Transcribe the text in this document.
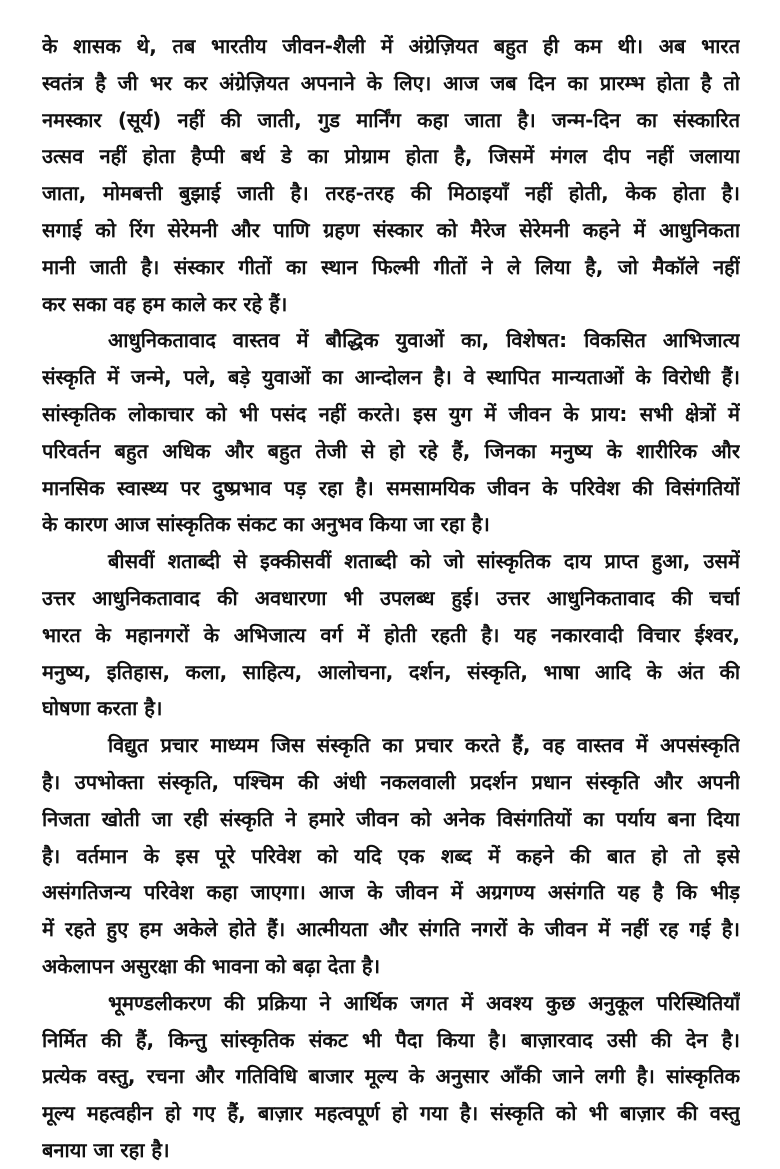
के शासक थे, तब भारतीय जीवन-शैली में अंग्रेज़ियत बहुत ही कम थी। अब भारत
स्वतंत्र है जी भर कर अंग्रेज़ियत अपनाने के लिए। आज जब दिन का प्रारम्भ होता है तो
नमस्कार (सूर्य) नहीं की जाती, गुड मार्निंग कहा जाता है। जन्म-दिन का संस्कारित
उत्सव नहीं होता हैप्पी बर्थ डे का प्रोग्राम होता है, जिसमें मंगल दीप नहीं जलाया
जाता, मोमबत्ती बुझाई जाती है। तरह-तरह की मिठाइयाँ नहीं होती, केक होता है।
सगाई को रिंग सेरेमनी और पाणि ग्रहण संस्कार को मैरेज सेरेमनी कहने में आधुनिकता
मानी जाती है। संस्कार गीतों का स्थान फिल्मी गीतों ने ले लिया है, जो मैकॉले नहीं
कर सका वह हम काले कर रहे हैं।
आधुनिकतावाद वास्तव में बौद्धिक युवाओं का, विशेषत: विकसित आभिजात्य
संस्कृति में जन्मे, पले, बड़े युवाओं का आन्दोलन है। वे स्थापित मान्यताओं के विरोधी हैं।
सांस्कृतिक लोकाचार को भी पसंद नहीं करते। इस युग में जीवन के प्राय: सभी क्षेत्रों में
परिवर्तन बहुत अधिक और बहुत तेजी से हो रहे हैं, जिनका मनुष्य के शारीरिक और
मानसिक स्वास्थ्य पर दुष्प्रभाव पड़ रहा है। समसामयिक जीवन के परिवेश की विसंगतियों
के कारण आज सांस्कृतिक संकट का अनुभव किया जा रहा है।
बीसवीं शताब्दी से इक्कीसवीं शताब्दी को जो सांस्कृतिक दाय प्राप्त हुआ, उसमें
उत्तर आधुनिकतावाद की अवधारणा भी उपलब्ध हुई। उत्तर आधुनिकतावाद की चर्चा
भारत के महानगरों के अभिजात्य वर्ग में होती रहती है। यह नकारवादी विचार ईश्वर,
मनुष्य, इतिहास, कला, साहित्य, आलोचना, दर्शन, संस्कृति, भाषा आदि के अंत की
घोषणा करता है।
विद्युत प्रचार माध्यम जिस संस्कृति का प्रचार करते हैं, वह वास्तव में अपसंस्कृति
है। उपभोक्ता संस्कृति, पश्चिम की अंधी नकलवाली प्रदर्शन प्रधान संस्कृति और अपनी
निजता खोती जा रही संस्कृति ने हमारे जीवन को अनेक विसंगतियों का पर्याय बना दिया
है। वर्तमान के इस पूरे परिवेश को यदि एक शब्द में कहने की बात हो तो इसे
असंगतिजन्य परिवेश कहा जाएगा। आज के जीवन में अग्रगण्य असंगति यह है कि भीड़
में रहते हुए हम अकेले होते हैं। आत्मीयता और संगति नगरों के जीवन में नहीं रह गई है।
अकेलापन असुरक्षा की भावना को बढ़ा देता है।
भूमण्डलीकरण की प्रक्रिया ने आर्थिक जगत में अवश्य कुछ अनुकूल परिस्थितियाँ
निर्मित की हैं, किन्तु सांस्कृतिक संकट भी पैदा किया है। बाज़ारवाद उसी की देन है।
प्रत्येक वस्तु, रचना और गतिविधि बाजार मूल्य के अनुसार आँकी जाने लगी है। सांस्कृतिक
मूल्य महत्वहीन हो गए हैं, बाज़ार महत्वपूर्ण हो गया है। संस्कृति को भी बाज़ार की वस्तु
बनाया जा रहा है।
